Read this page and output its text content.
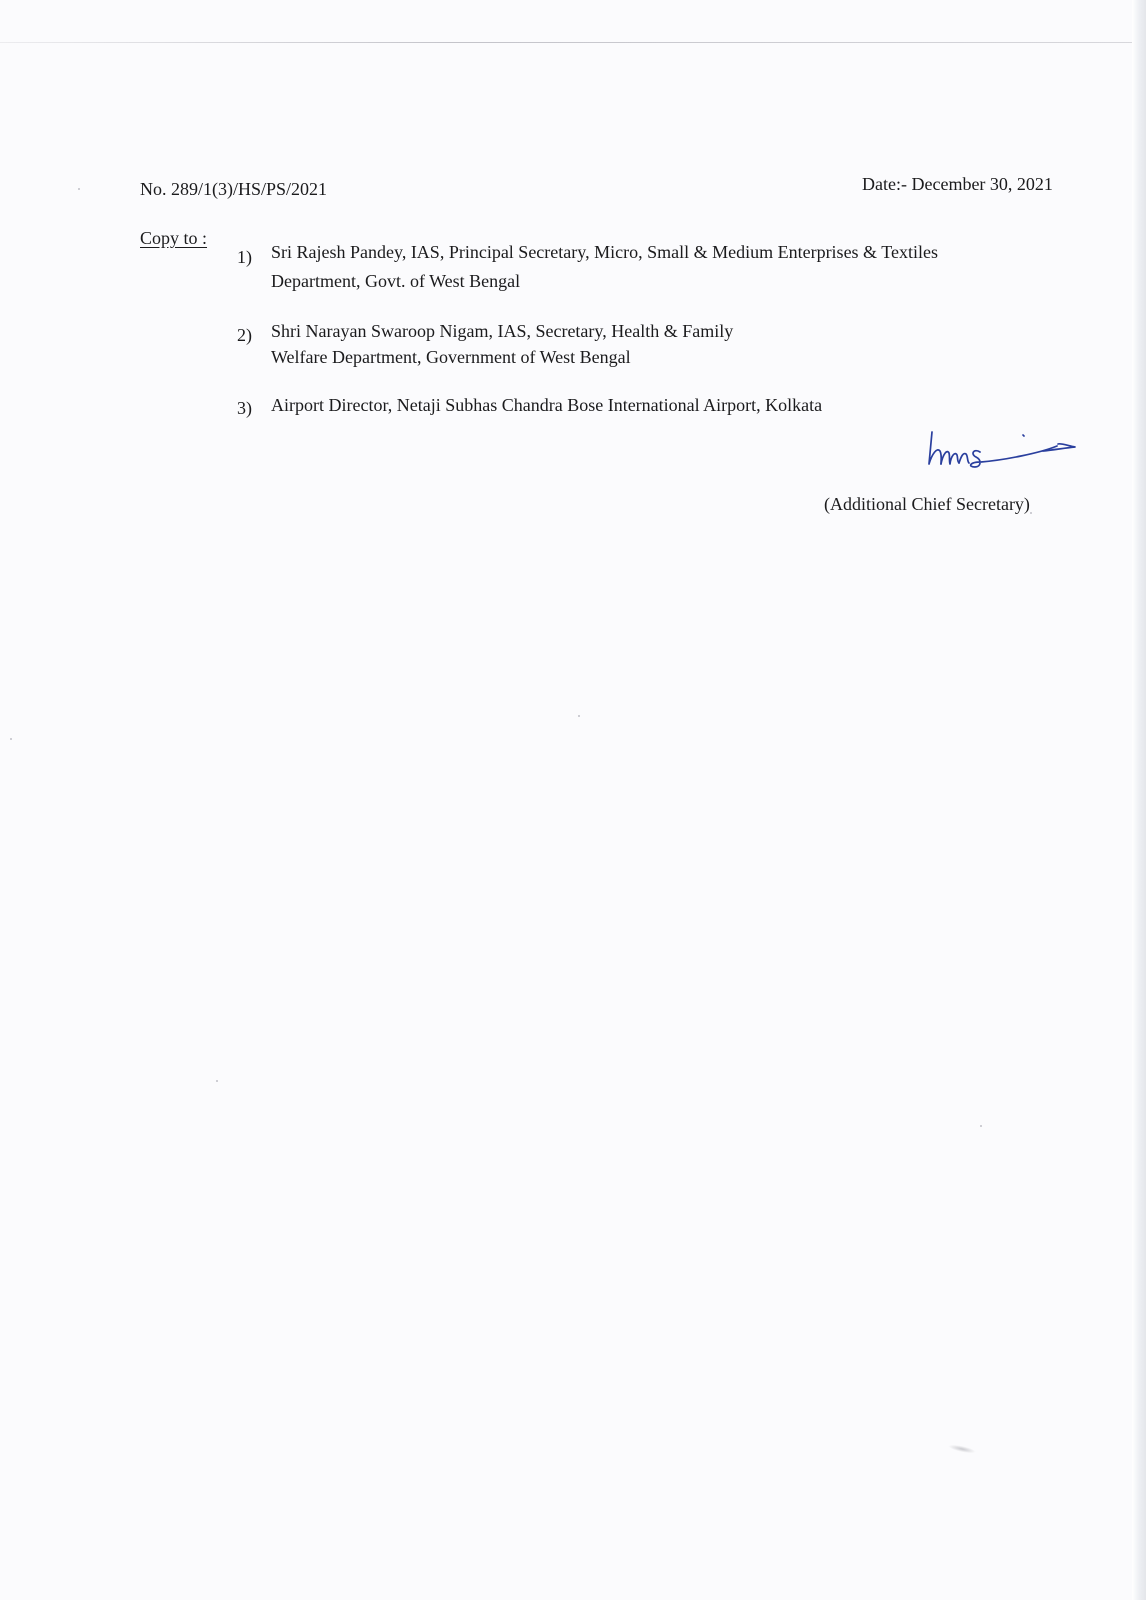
No. 289/1(3)/HS/PS/2021	Date:- December 30, 2021
Copy to :
1) Sri Rajesh Pandey, IAS, Principal Secretary, Micro, Small & Medium Enterprises & Textiles
Department, Govt. of West Bengal
2) Shri Narayan Swaroop Nigam, IAS, Secretary, Health & Family
Welfare Department, Government of West Bengal
3) Airport Director, Netaji Subhas Chandra Bose International Airport, Kolkata
(Additional Chief Secretary)
